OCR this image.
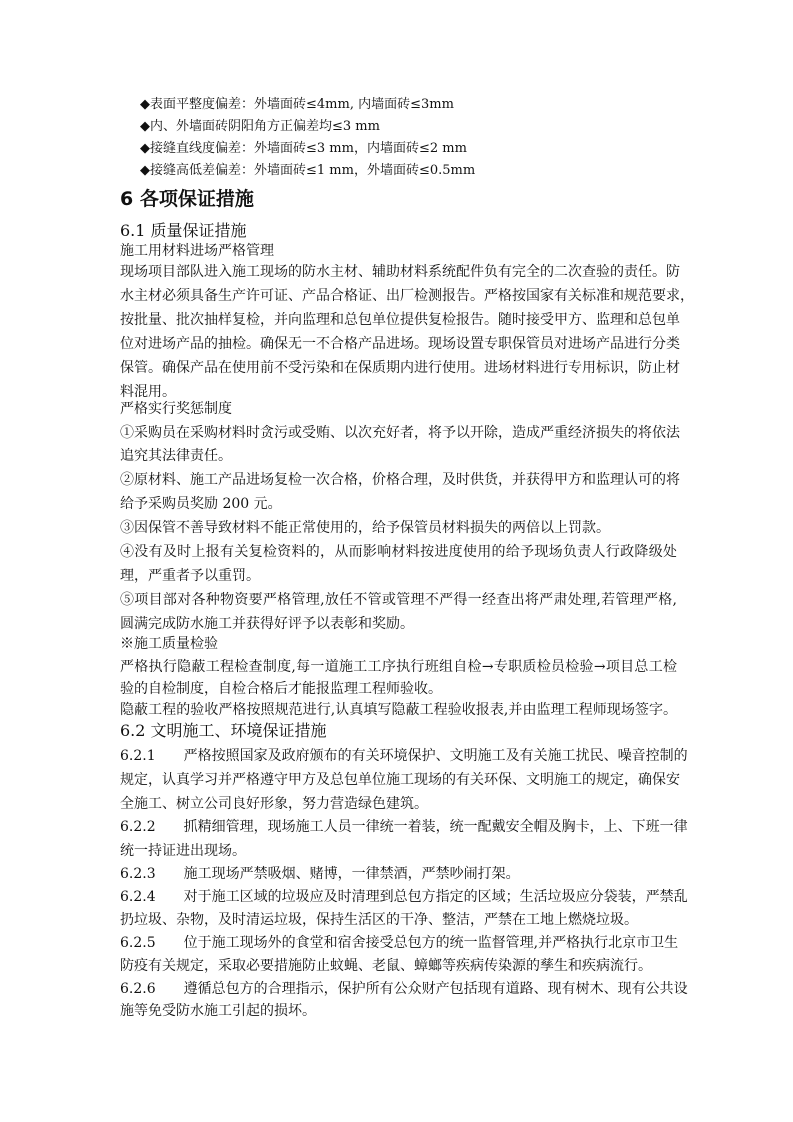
◆表面平整度偏差：外墙面砖≤4mm, 内墙面砖≤3mm
◆内、外墙面砖阴阳角方正偏差均≤3 mm
◆接缝直线度偏差：外墙面砖≤3 mm，内墙面砖≤2 mm
◆接缝高低差偏差：外墙面砖≤1 mm，外墙面砖≤0.5mm
6 各项保证措施
6.1 质量保证措施
施工用材料进场严格管理
现场项目部队进入施工现场的防水主材、辅助材料系统配件负有完全的二次查验的责任。防
水主材必须具备生产许可证、产品合格证、出厂检测报告。严格按国家有关标准和规范要求，
按批量、批次抽样复检，并向监理和总包单位提供复检报告。随时接受甲方、监理和总包单
位对进场产品的抽检。确保无一不合格产品进场。现场设置专职保管员对进场产品进行分类
保管。确保产品在使用前不受污染和在保质期内进行使用。进场材料进行专用标识，防止材
料混用。
严格实行奖惩制度
①采购员在采购材料时贪污或受贿、以次充好者，将予以开除，造成严重经济损失的将依法
追究其法律责任。
②原材料、施工产品进场复检一次合格，价格合理，及时供货，并获得甲方和监理认可的将
给予采购员奖励 200 元。
③因保管不善导致材料不能正常使用的，给予保管员材料损失的两倍以上罚款。
④没有及时上报有关复检资料的，从而影响材料按进度使用的给予现场负责人行政降级处
理，严重者予以重罚。
⑤项目部对各种物资要严格管理,放任不管或管理不严得一经查出将严肃处理,若管理严格,
圆满完成防水施工并获得好评予以表彰和奖励。
※施工质量检验
严格执行隐蔽工程检查制度,每一道施工工序执行班组自检→专职质检员检验→项目总工检
验的自检制度，自检合格后才能报监理工程师验收。
隐蔽工程的验收严格按照规范进行,认真填写隐蔽工程验收报表,并由监理工程师现场签字。
6.2 文明施工、环境保证措施
6.2.1　　严格按照国家及政府颁布的有关环境保护、文明施工及有关施工扰民、噪音控制的
规定，认真学习并严格遵守甲方及总包单位施工现场的有关环保、文明施工的规定，确保安
全施工、树立公司良好形象，努力营造绿色建筑。
6.2.2　　抓精细管理，现场施工人员一律统一着装，统一配戴安全帽及胸卡，上、下班一律
统一持证进出现场。
6.2.3　　施工现场严禁吸烟、赌博，一律禁酒，严禁吵闹打架。
6.2.4　　对于施工区域的垃圾应及时清理到总包方指定的区域；生活垃圾应分袋装，严禁乱
扔垃圾、杂物，及时清运垃圾，保持生活区的干净、整洁，严禁在工地上燃烧垃圾。
6.2.5　　位于施工现场外的食堂和宿舍接受总包方的统一监督管理,并严格执行北京市卫生
防疫有关规定，采取必要措施防止蚊蝇、老鼠、蟑螂等疾病传染源的孳生和疾病流行。
6.2.6　　遵循总包方的合理指示，保护所有公众财产包括现有道路、现有树木、现有公共设
施等免受防水施工引起的损坏。
